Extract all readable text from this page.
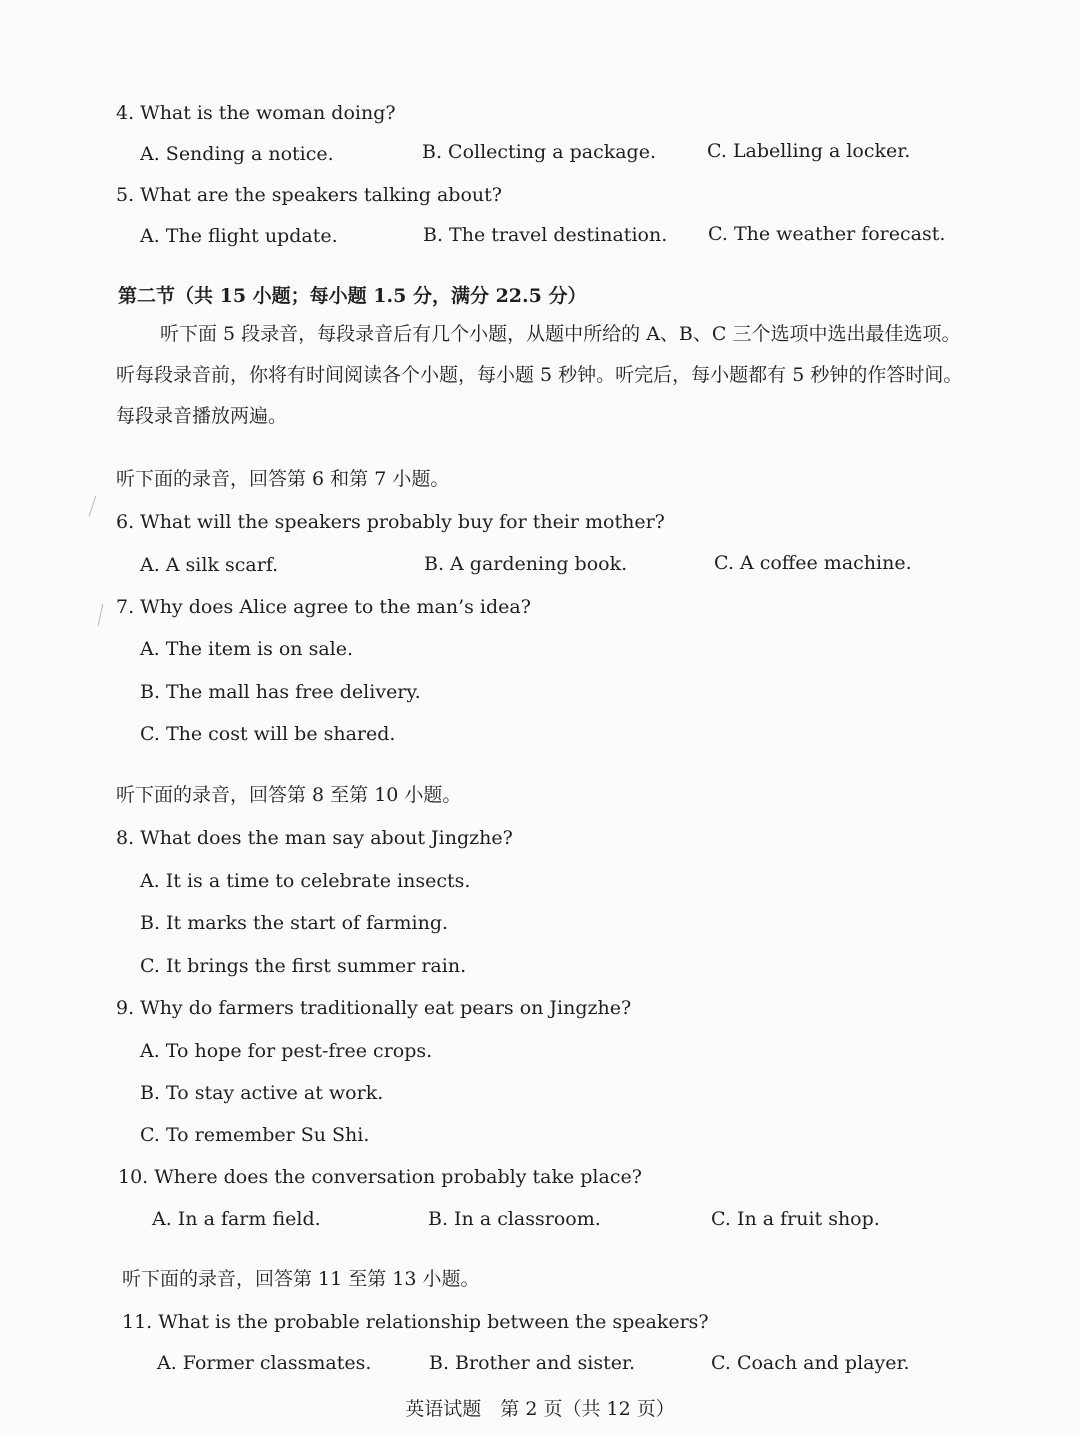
4. What is the woman doing?
A. Sending a notice.	B. Collecting a package.	C. Labelling a locker.
5. What are the speakers talking about?
A. The flight update.	B. The travel destination. C. The weather forecast.
第二节（共 15 小题；每小题 1.5 分，满分 22.5 分）
听下面 5 段录音，每段录音后有几个小题，从题中所给的 A、B、C 三个选项中选出最佳选项。听每段录音前，你将有时间阅读各个小题，每小题 5 秒钟。听完后，每小题都有 5 秒钟的作答时间。每段录音播放两遍。
听下面的录音，回答第 6 和第 7 小题。
6. What will the speakers probably buy for their mother?
A. A silk scarf.	B. A gardening book.	C. A coffee machine.
7. Why does Alice agree to the man’s idea?
A. The item is on sale.
B. The mall has free delivery.
C. The cost will be shared.
听下面的录音，回答第 8 至第 10 小题。
8. What does the man say about Jingzhe?
A. It is a time to celebrate insects.
B. It marks the start of farming.
C. It brings the first summer rain.
9. Why do farmers traditionally eat pears on Jingzhe?
A. To hope for pest-free crops.
B. To stay active at work.
C. To remember Su Shi.
10. Where does the conversation probably take place?
A. In a farm field.	B. In a classroom.	C. In a fruit shop.
听下面的录音，回答第 11 至第 13 小题。
11. What is the probable relationship between the speakers?
A. Former classmates.	B. Brother and sister.	C. Coach and player.
英语试题　第 2 页（共 12 页）
